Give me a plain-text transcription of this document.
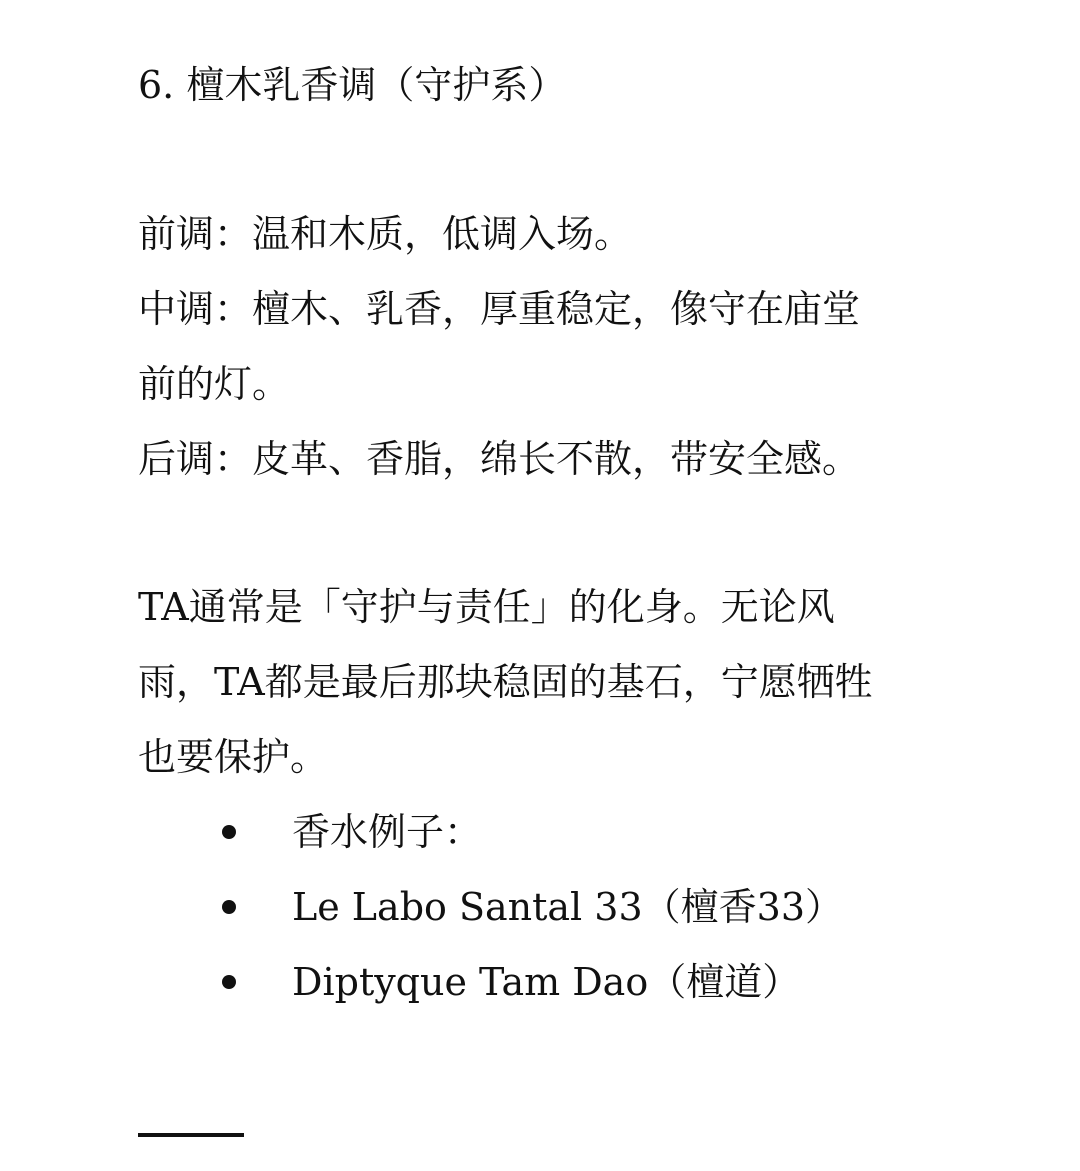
6. 檀木乳香调（守护系）

前调：温和木质，低调入场。
中调：檀木、乳香，厚重稳定，像守在庙堂
前的灯。
后调：皮革、香脂，绵长不散，带安全感。

TA通常是「守护与责任」的化身。无论风
雨，TA都是最后那块稳固的基石，宁愿牺牲
也要保护。

香水例子：
Le Labo Santal 33（檀香33）
Diptyque Tam Dao（檀道）
